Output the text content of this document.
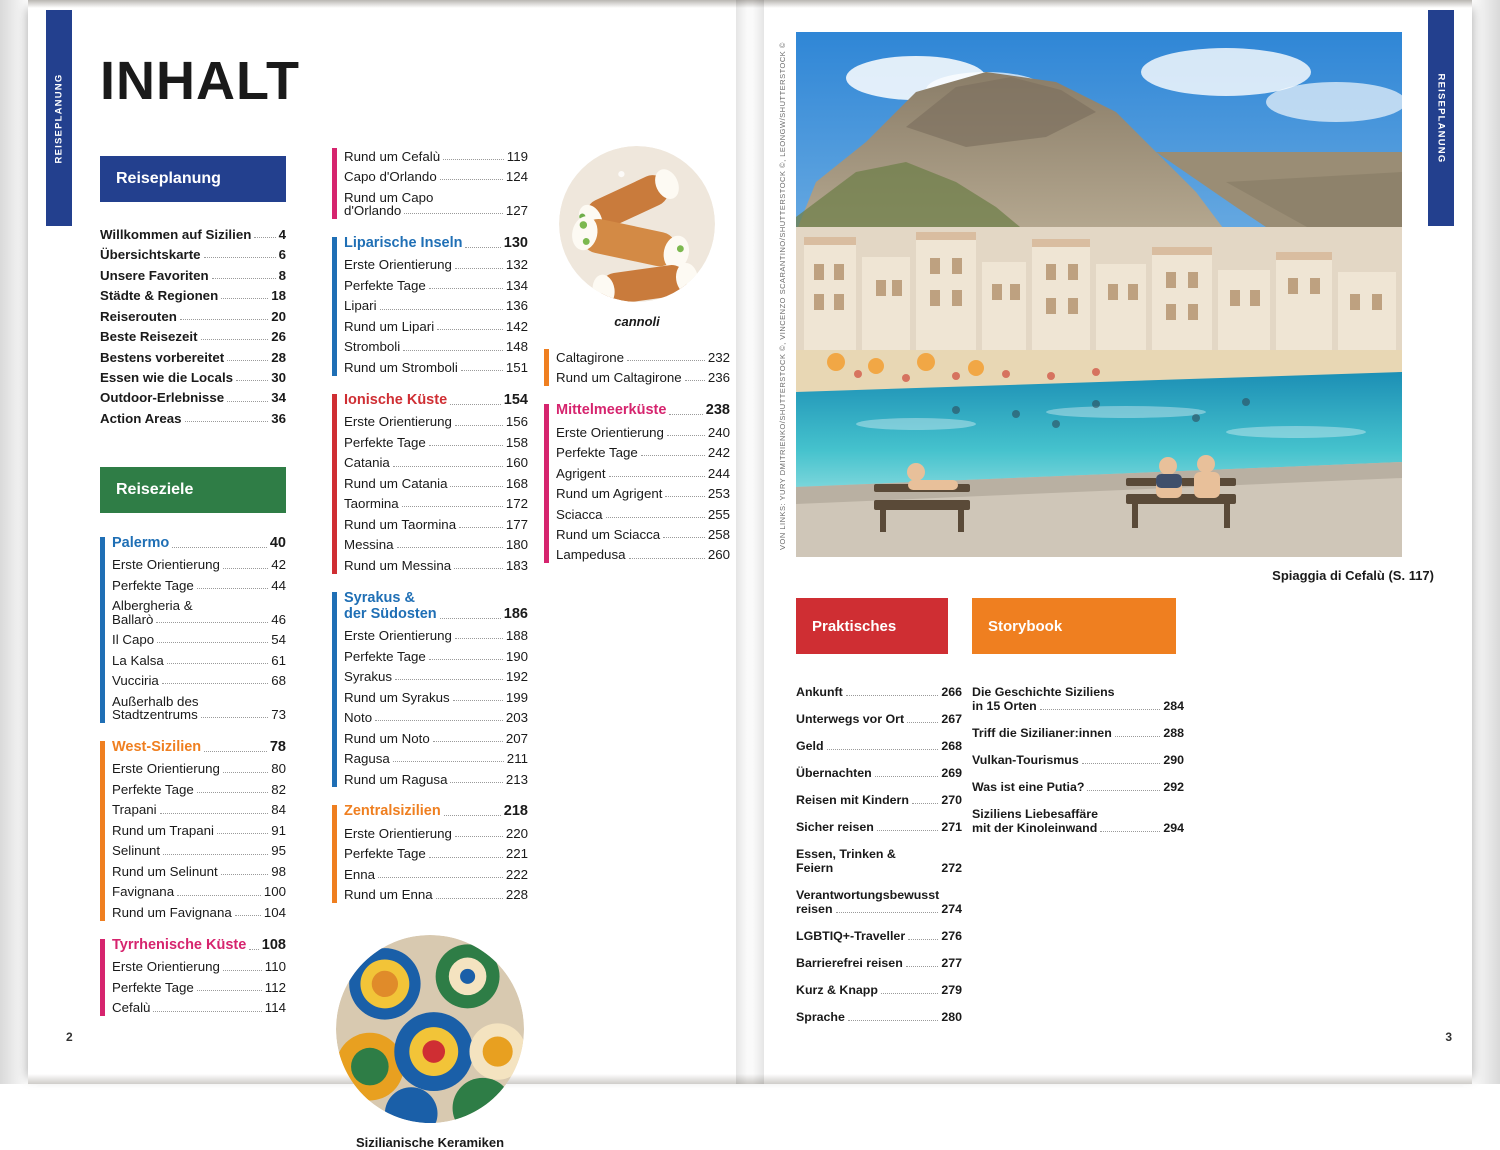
REISEPLANUNG	REISEPLANUNG
INHALT
Reiseplanung
Willkommen auf Sizilien 4
Übersichtskarte	6
Unsere Favoriten	8
Städte & Regionen	18
Reiserouten	20
Beste Reisezeit	26
Bestens vorbereitet	28
Essen wie die Locals	30
Outdoor-Erlebnisse	34
Action Areas	36
Reiseziele
Palermo	40
Erste Orientierung	42
Perfekte Tage	44
Albergheria &
Ballarò	46
Il Capo	54
La Kalsa	61
Vucciria	68
Außerhalb des
Stadtzentrums	73
West-Sizilien	78
Erste Orientierung	80
Perfekte Tage	82
Trapani	84
Rund um Trapani	91
Selinunt	95
Rund um Selinunt	98
Favignana	100
Rund um Favignana 104
Tyrrhenische Küste 108
Erste Orientierung	110
Perfekte Tage	112
Cefalù	114
Rund um Cefalù	119
Capo d'Orlando	124
Rund um Capo
d'Orlando	127
Liparische Inseln	130
Erste Orientierung	132
Perfekte Tage	134
Lipari	136
Rund um Lipari	142
Stromboli	148
Rund um Stromboli	151
Ionische Küste	154
Erste Orientierung	156
Perfekte Tage	158
Catania	160
Rund um Catania	168
Taormina	172
Rund um Taormina	177
Messina	180
Rund um Messina	183
Syrakus &
der Südosten	186
Erste Orientierung	188
Perfekte Tage	190
Syrakus	192
Rund um Syrakus	199
Noto	203
Rund um Noto	207
Ragusa	211
Rund um Ragusa	213
Zentralsizilien	218
Erste Orientierung	220
Perfekte Tage	221
Enna	222
Rund um Enna	228
Sizilianische Keramiken
cannoli
Caltagirone	232
Rund um Caltagirone 236
Mittelmeerküste	238
Erste Orientierung	240
Perfekte Tage	242
Agrigent	244
Rund um Agrigent	253
Sciacca	255
Rund um Sciacca	258
Lampedusa	260
2
VON LINKS: YURY DMITRIENKO/SHUTTERSTOCK ©, VINCENZO SCARANTINO/SHUTTERSTOCK ©, LEONGW/SHUTTERSTOCK ©
Spiaggia di Cefalù (S. 117)
Praktisches	Storybook
Ankunft	266
Unterwegs vor Ort	267
Geld	268
Übernachten	269
Reisen mit Kindern	270
Sicher reisen	271
Essen, Trinken & Feiern	272
Verantwortungsbewusst
reisen	274
LGBTIQ+-Traveller	276
Barrierefrei reisen	277
Kurz & Knapp	279
Sprache	280
Die Geschichte Siziliens
in 15 Orten	284
Triff die Sizilianer:innen	288
Vulkan-Tourismus	290
Was ist eine Putia?	292
Siziliens Liebesaffäre
mit der Kinoleinwand	294
3
